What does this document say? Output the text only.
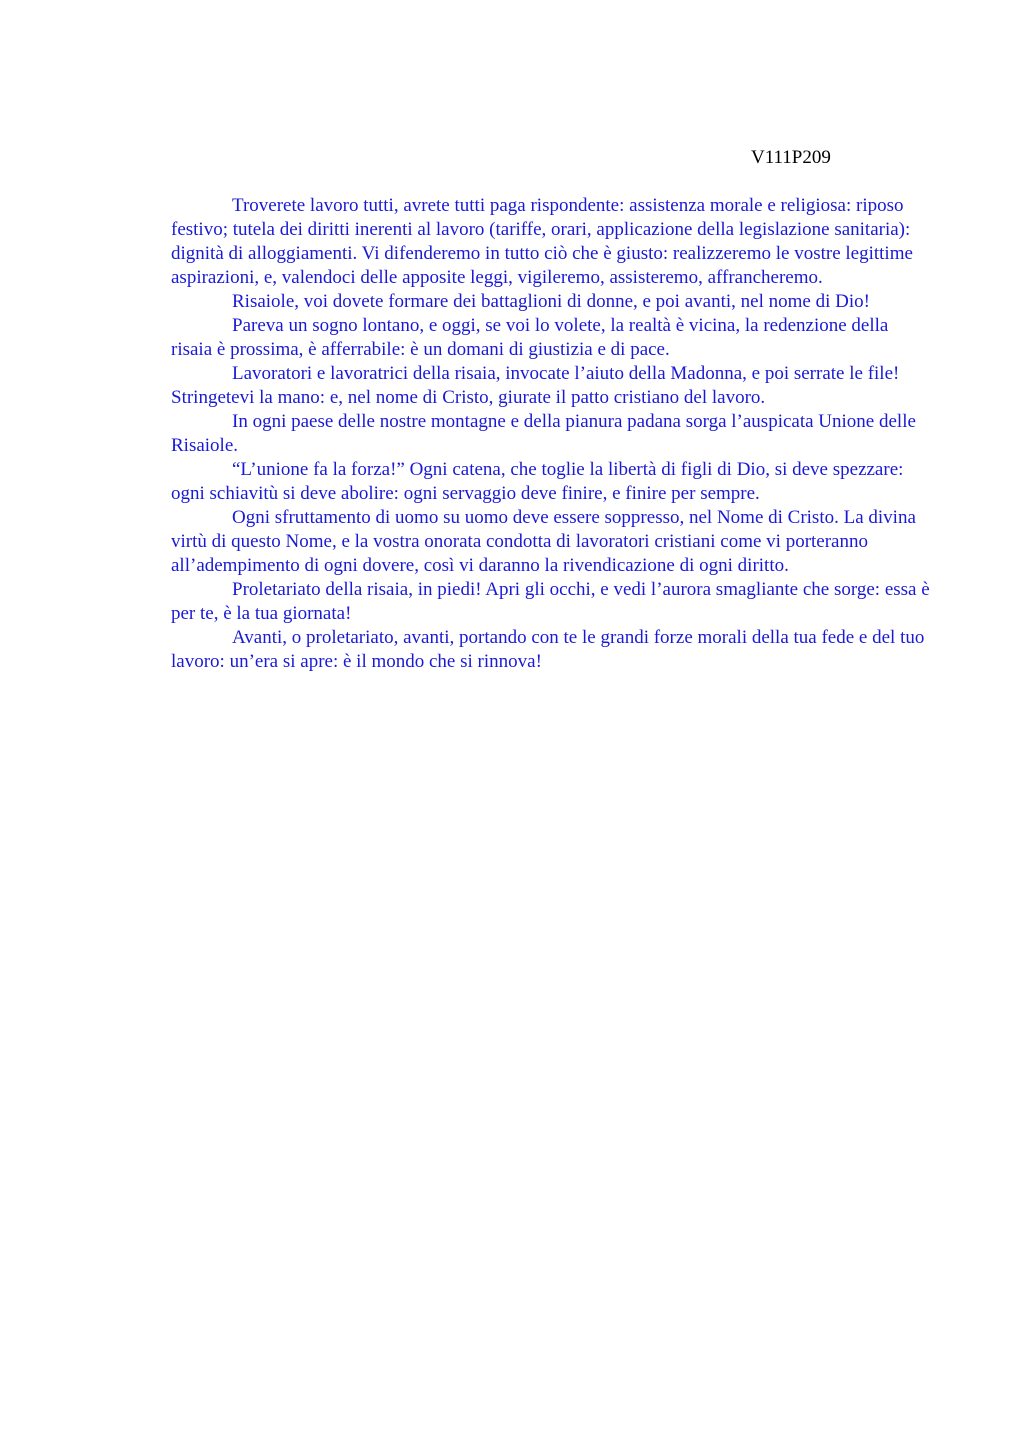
V111P209

Troverete lavoro tutti, avrete tutti paga rispondente: assistenza morale e religiosa: riposo festivo; tutela dei diritti inerenti al lavoro (tariffe, orari, applicazione della legislazione sanitaria): dignità di alloggiamenti. Vi difenderemo in tutto ciò che è giusto: realizzeremo le vostre legittime aspirazioni, e, valendoci delle apposite leggi, vigileremo, assisteremo, affrancheremo.

Risaiole, voi dovete formare dei battaglioni di donne, e poi avanti, nel nome di Dio!

Pareva un sogno lontano, e oggi, se voi lo volete, la realtà è vicina, la redenzione della risaia è prossima, è afferrabile: è un domani di giustizia e di pace.

Lavoratori e lavoratrici della risaia, invocate l’aiuto della Madonna, e poi serrate le file! Stringetevi la mano: e, nel nome di Cristo, giurate il patto cristiano del lavoro.

In ogni paese delle nostre montagne e della pianura padana sorga l’auspicata Unione delle Risaiole.

“L’unione fa la forza!” Ogni catena, che toglie la libertà di figli di Dio, si deve spezzare: ogni schiavitù si deve abolire: ogni servaggio deve finire, e finire per sempre.

Ogni sfruttamento di uomo su uomo deve essere soppresso, nel Nome di Cristo. La divina virtù di questo Nome, e la vostra onorata condotta di lavoratori cristiani come vi porteranno all’adempimento di ogni dovere, così vi daranno la rivendicazione di ogni diritto.

Proletariato della risaia, in piedi! Apri gli occhi, e vedi l’aurora smagliante che sorge: essa è per te, è la tua giornata!

Avanti, o proletariato, avanti, portando con te le grandi forze morali della tua fede e del tuo lavoro: un’era si apre: è il mondo che si rinnova!
